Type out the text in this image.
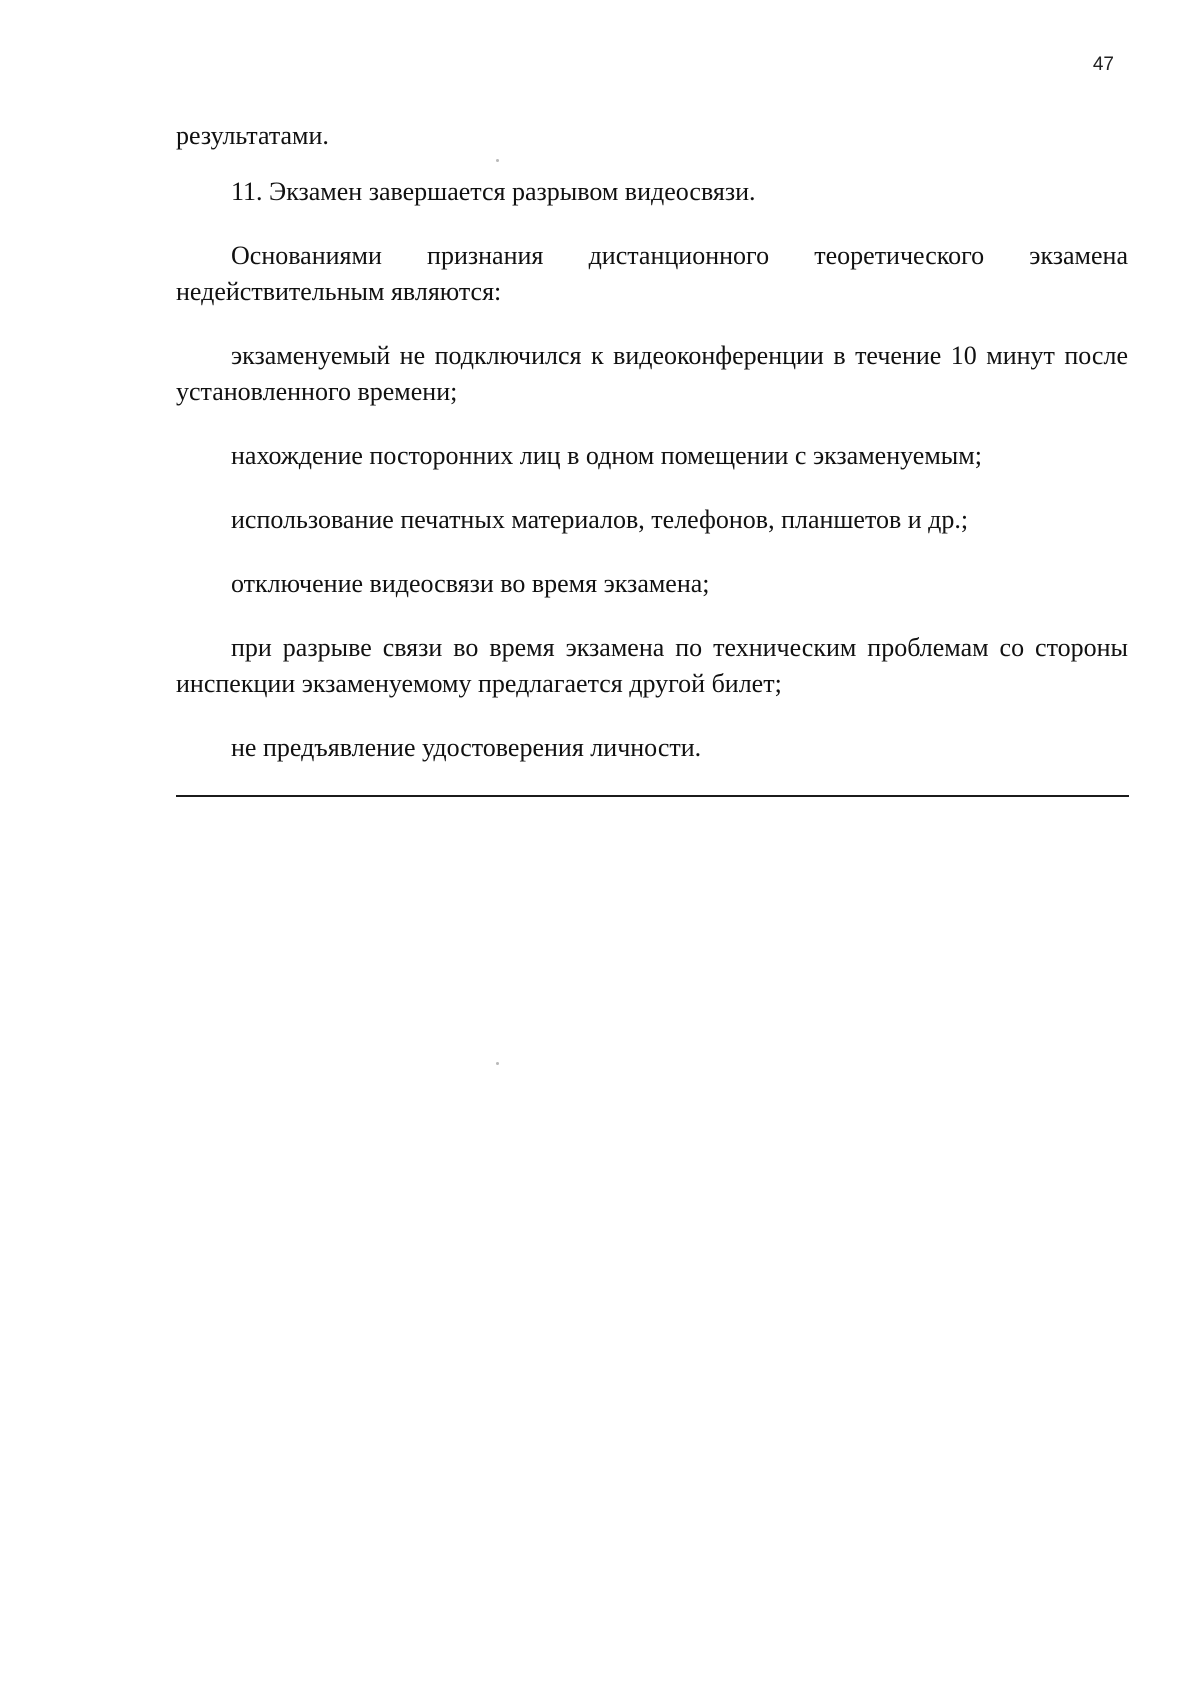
47

результатами.

11. Экзамен завершается разрывом видеосвязи.

Основаниями признания дистанционного теоретического экзамена недействительным являются:

экзаменуемый не подключился к видеоконференции в течение 10 минут после установленного времени;

нахождение посторонних лиц в одном помещении с экзаменуемым;

использование печатных материалов, телефонов, планшетов и др.;

отключение видеосвязи во время экзамена;

при разрыве связи во время экзамена по техническим проблемам со стороны инспекции экзаменуемому предлагается другой билет;

не предъявление удостоверения личности.
